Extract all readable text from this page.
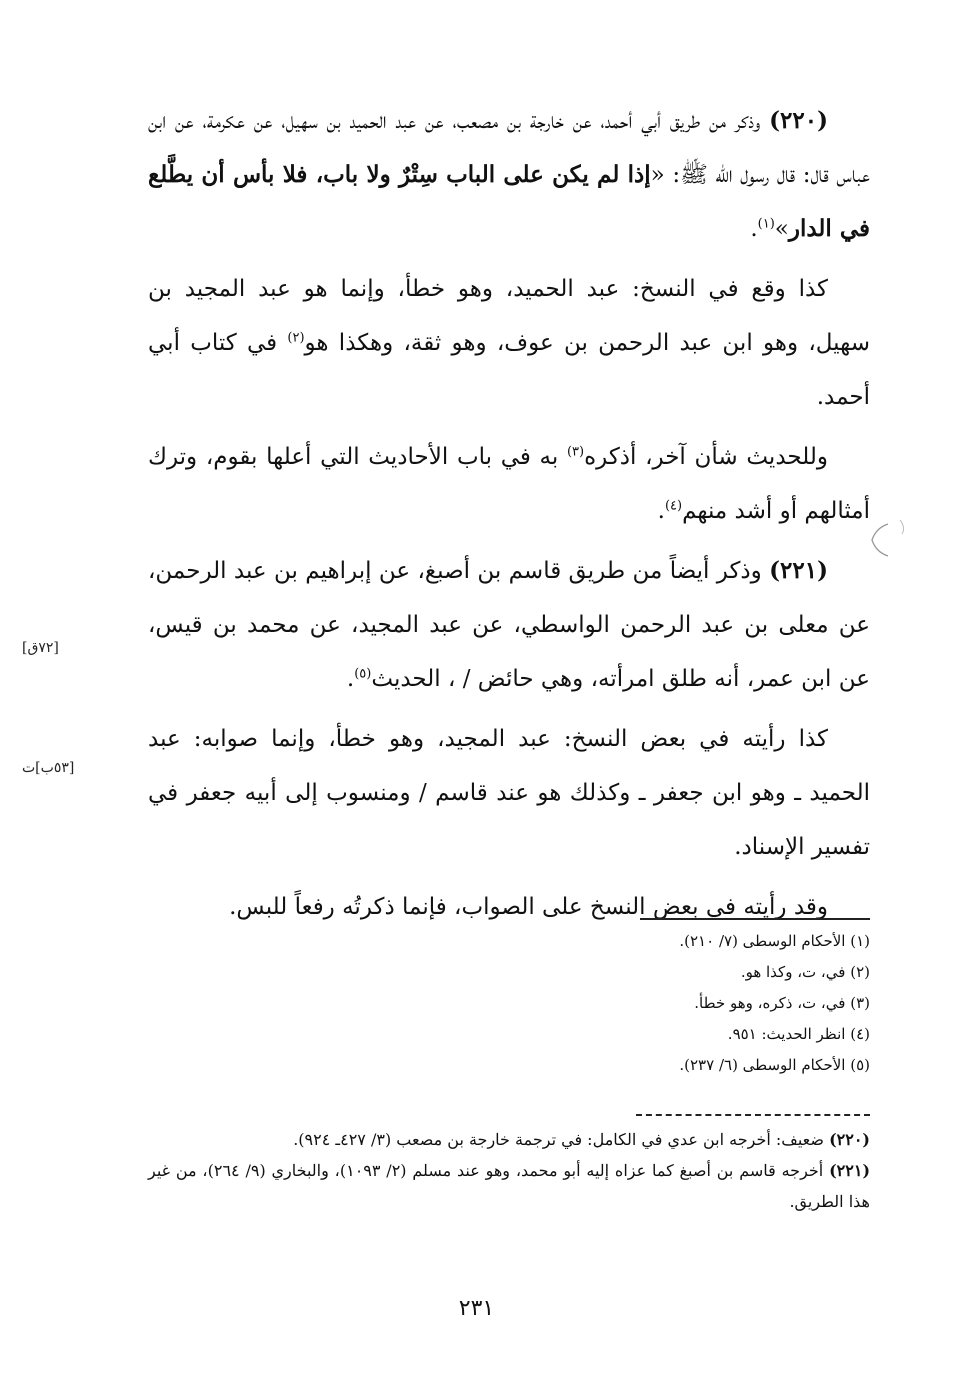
(٢٢٠) وذكر من طريق أبي أحمد، عن خارجة بن مصعب، عن عبد الحميد بن سهيل، عن عكرمة، عن ابن عباس قال: قال رسول الله ﷺ: «إذا لم يكن على الباب سِتْرٌ ولا باب، فلا بأس أن يطَّلع في الدار»$^{(١)}$.

كذا وقع في النسخ: عبد الحميد، وهو خطأ، وإنما هو عبد المجيد بن سهيل، وهو ابن عبد الرحمن بن عوف، وهو ثقة، وهكذا هو$^{(٢)}$ في كتاب أبي أحمد.

وللحديث شأن آخر، أذكره$^{(٣)}$ به في باب الأحاديث التي أعلها بقوم، وترك أمثالهم أو أشد منهم$^{(٤)}$.

(٢٢١) وذكر أيضاً من طريق قاسم بن أصبغ، عن إبراهيم بن عبد الرحمن، عن معلى بن عبد الرحمن الواسطي، عن عبد المجيد، عن محمد بن قيس، عن ابن عمر، أنه طلق امرأته، وهي حائض / ، الحديث$^{(٥)}$.

كذا رأيته في بعض النسخ: عبد المجيد، وهو خطأ، وإنما صوابه: عبد الحميد ـ وهو ابن جعفر ـ وكذلك هو عند قاسم / ومنسوب إلى أبيه جعفر في تفسير الإسناد.

وقد رأيته في بعض النسخ على الصواب، فإنما ذكرتُه رفعاً للبس.

[٧٢ق]
[٥٣ب]ت

(١) الأحكام الوسطى (٧/ ٢١٠).

(٢) في، ت، وكذا هو.

(٣) في، ت، ذكره، وهو خطأ.

(٤) انظر الحديث: ٩٥١.

(٥) الأحكام الوسطى (٦/ ٢٣٧).

(٢٢٠) ضعيف: أخرجه ابن عدي في الكامل: في ترجمة خارجة بن مصعب (٣/ ٤٢٧ـ ٩٢٤).

(٢٢١) أخرجه قاسم بن أصبغ كما عزاه إليه أبو محمد، وهو عند مسلم (٢/ ١٠٩٣)، والبخاري (٩/ ٢٦٤)، من غير هذا الطريق.

٢٣١
